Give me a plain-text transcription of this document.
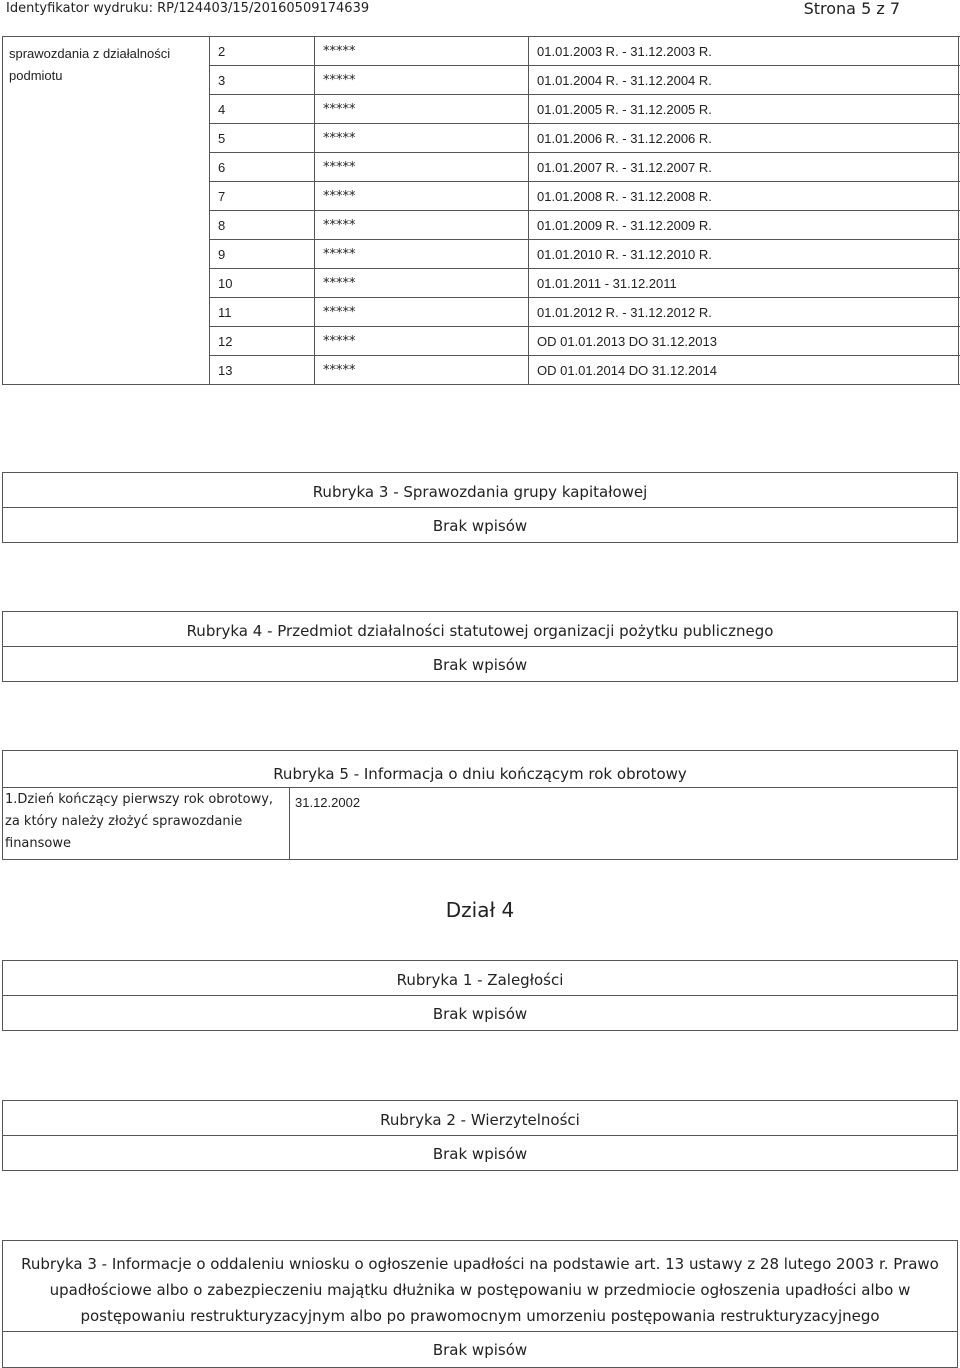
Identyfikator wydruku: RP/124403/15/20160509174639	Strona 5 z 7
sprawozdania z działalności podmiotu	2	*****	01.01.2003 R. - 31.12.2003 R.
	3	*****	01.01.2004 R. - 31.12.2004 R.
	4	*****	01.01.2005 R. - 31.12.2005 R.
	5	*****	01.01.2006 R. - 31.12.2006 R.
	6	*****	01.01.2007 R. - 31.12.2007 R.
	7	*****	01.01.2008 R. - 31.12.2008 R.
	8	*****	01.01.2009 R. - 31.12.2009 R.
	9	*****	01.01.2010 R. - 31.12.2010 R.
	10	*****	01.01.2011 - 31.12.2011
	11	*****	01.01.2012 R. - 31.12.2012 R.
	12	*****	OD 01.01.2013 DO 31.12.2013
	13	*****	OD 01.01.2014 DO 31.12.2014
Rubryka 3 - Sprawozdania grupy kapitałowej
Brak wpisów
Rubryka 4 - Przedmiot działalności statutowej organizacji pożytku publicznego
Brak wpisów
Rubryka 5 - Informacja o dniu kończącym rok obrotowy
1.Dzień kończący pierwszy rok obrotowy, za który należy złożyć sprawozdanie finansowe
31.12.2002
Dział 4
Rubryka 1 - Zaległości
Brak wpisów
Rubryka 2 - Wierzytelności
Brak wpisów
Rubryka 3 - Informacje o oddaleniu wniosku o ogłoszenie upadłości na podstawie art. 13 ustawy z 28 lutego 2003 r. Prawo upadłościowe albo o zabezpieczeniu majątku dłużnika w postępowaniu w przedmiocie ogłoszenia upadłości albo w postępowaniu restrukturyzacyjnym albo po prawomocnym umorzeniu postępowania restrukturyzacyjnego
Brak wpisów
